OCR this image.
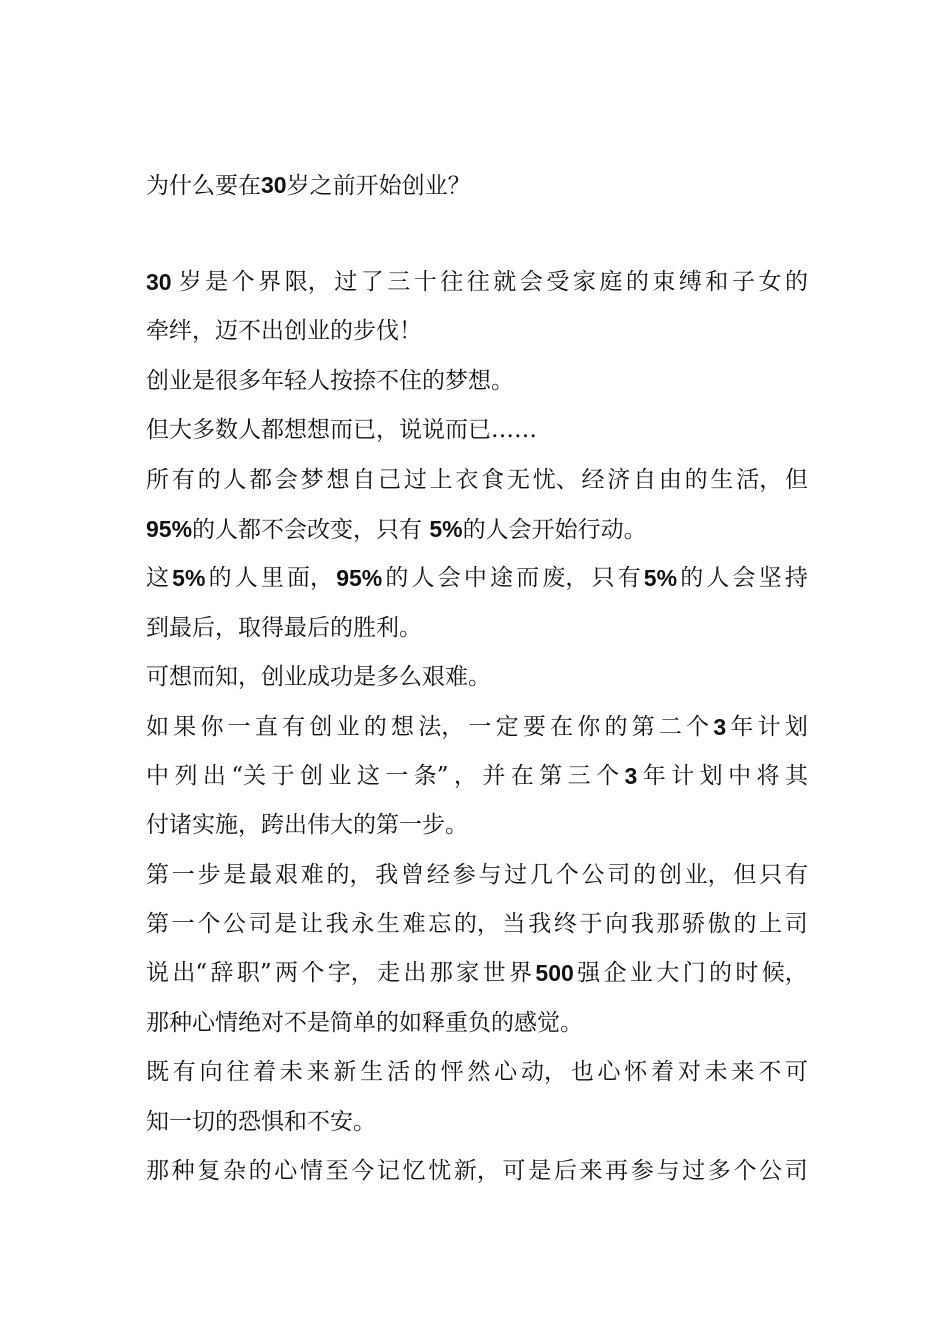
为什么要在30岁之前开始创业？
30 岁 是 个 界 限， 过 了 三 十 往 往 就 会 受 家 庭 的 束 缚 和 子 女 的
牵绊，迈不出创业的步伐！
创业是很多年轻人按捺不住的梦想。
但大多数人都想想而已，说说而已……
所 有 的 人 都 会 梦 想 自 己 过 上 衣 食 无 忧、 经 济 自 由 的 生 活， 但
95%的人都不会改变，只有 5%的人会开始行动。
这 5% 的 人 里 面， 95% 的 人 会 中 途 而 废， 只 有 5% 的 人 会 坚 持
到最后，取得最后的胜利。
可想而知，创业成功是多么艰难。
如 果 你 一 直 有 创 业 的 想 法， 一 定 要 在 你 的 第 二 个 3 年 计 划
中 列 出 “关 于 创 业 这 一 条” ， 并 在 第 三 个 3 年 计 划 中 将 其
付诸实施，跨出伟大的第一步。
第 一 步 是 最 艰 难 的， 我 曾 经 参 与 过 几 个 公 司 的 创 业， 但 只 有
第 一 个 公 司 是 让 我 永 生 难 忘 的， 当 我 终 于 向 我 那 骄 傲 的 上 司
说 出“ 辞 职” 两 个 字， 走 出 那 家 世 界 500 强 企 业 大 门 的 时 候，
那种心情绝对不是简单的如释重负的感觉。
既 有 向 往 着 未 来 新 生 活 的 怦 然 心 动， 也 心 怀 着 对 未 来 不 可
知一切的恐惧和不安。
那 种 复 杂 的 心 情 至 今 记 忆 忧 新， 可 是 后 来 再 参 与 过 多 个 公 司
